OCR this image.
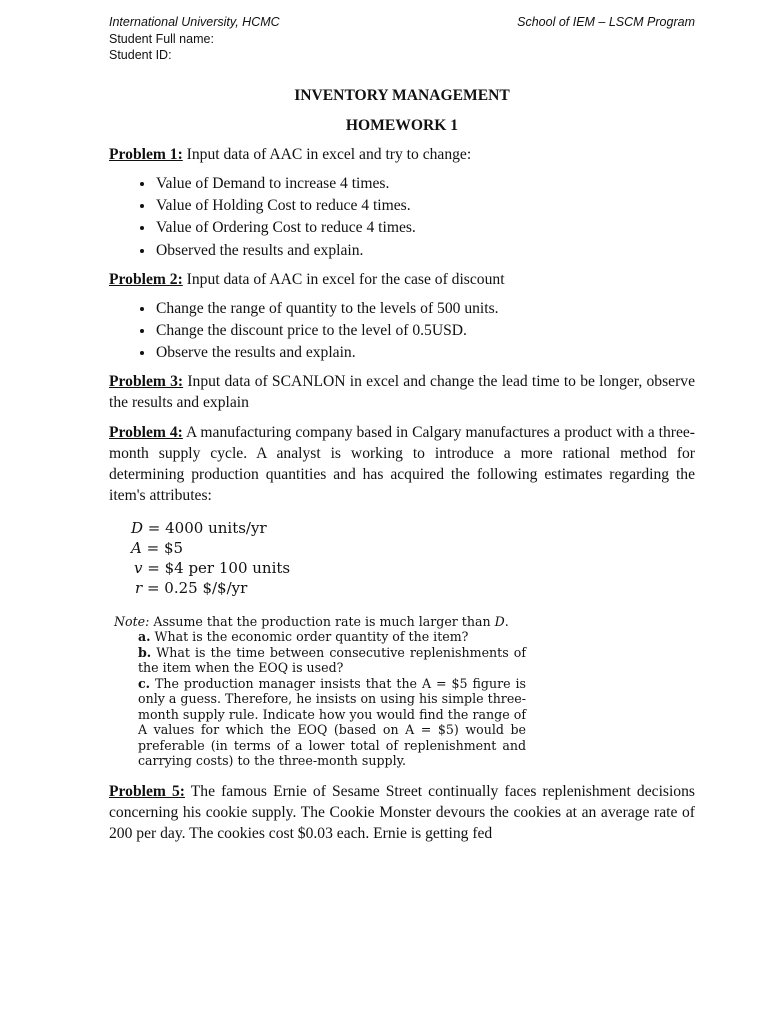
School of IEM – LSCM Program
International University, HCMC
Student Full name:
Student ID:

INVENTORY MANAGEMENT

HOMEWORK 1

Problem 1: Input data of AAC in excel and try to change:

• Value of Demand to increase 4 times.
• Value of Holding Cost to reduce 4 times.
• Value of Ordering Cost to reduce 4 times.
• Observed the results and explain.

Problem 2: Input data of AAC in excel for the case of discount

• Change the range of quantity to the levels of 500 units.
• Change the discount price to the level of 0.5USD.
• Observe the results and explain.

Problem 3: Input data of SCANLON in excel and change the lead time to be longer, observe the results and explain

Problem 4: A manufacturing company based in Calgary manufactures a product with a three-month supply cycle. A analyst is working to introduce a more rational method for determining production quantities and has acquired the following estimates regarding the item's attributes:

D = 4000 units/yr
A = $5
v = $4 per 100 units
r = 0.25 $/$/yr
Note: Assume that the production rate is much larger than D.
a. What is the economic order quantity of the item?
b. What is the time between consecutive replenishments of the item when the EOQ is used?
c. The production manager insists that the A = $5 figure is only a guess. Therefore, he insists on using his simple three-month supply rule. Indicate how you would find the range of A values for which the EOQ (based on A = $5) would be preferable (in terms of a lower total of replenishment and carrying costs) to the three-month supply.

Problem 5: The famous Ernie of Sesame Street continually faces replenishment decisions concerning his cookie supply. The Cookie Monster devours the cookies at an average rate of 200 per day. The cookies cost $0.03 each. Ernie is getting fed
